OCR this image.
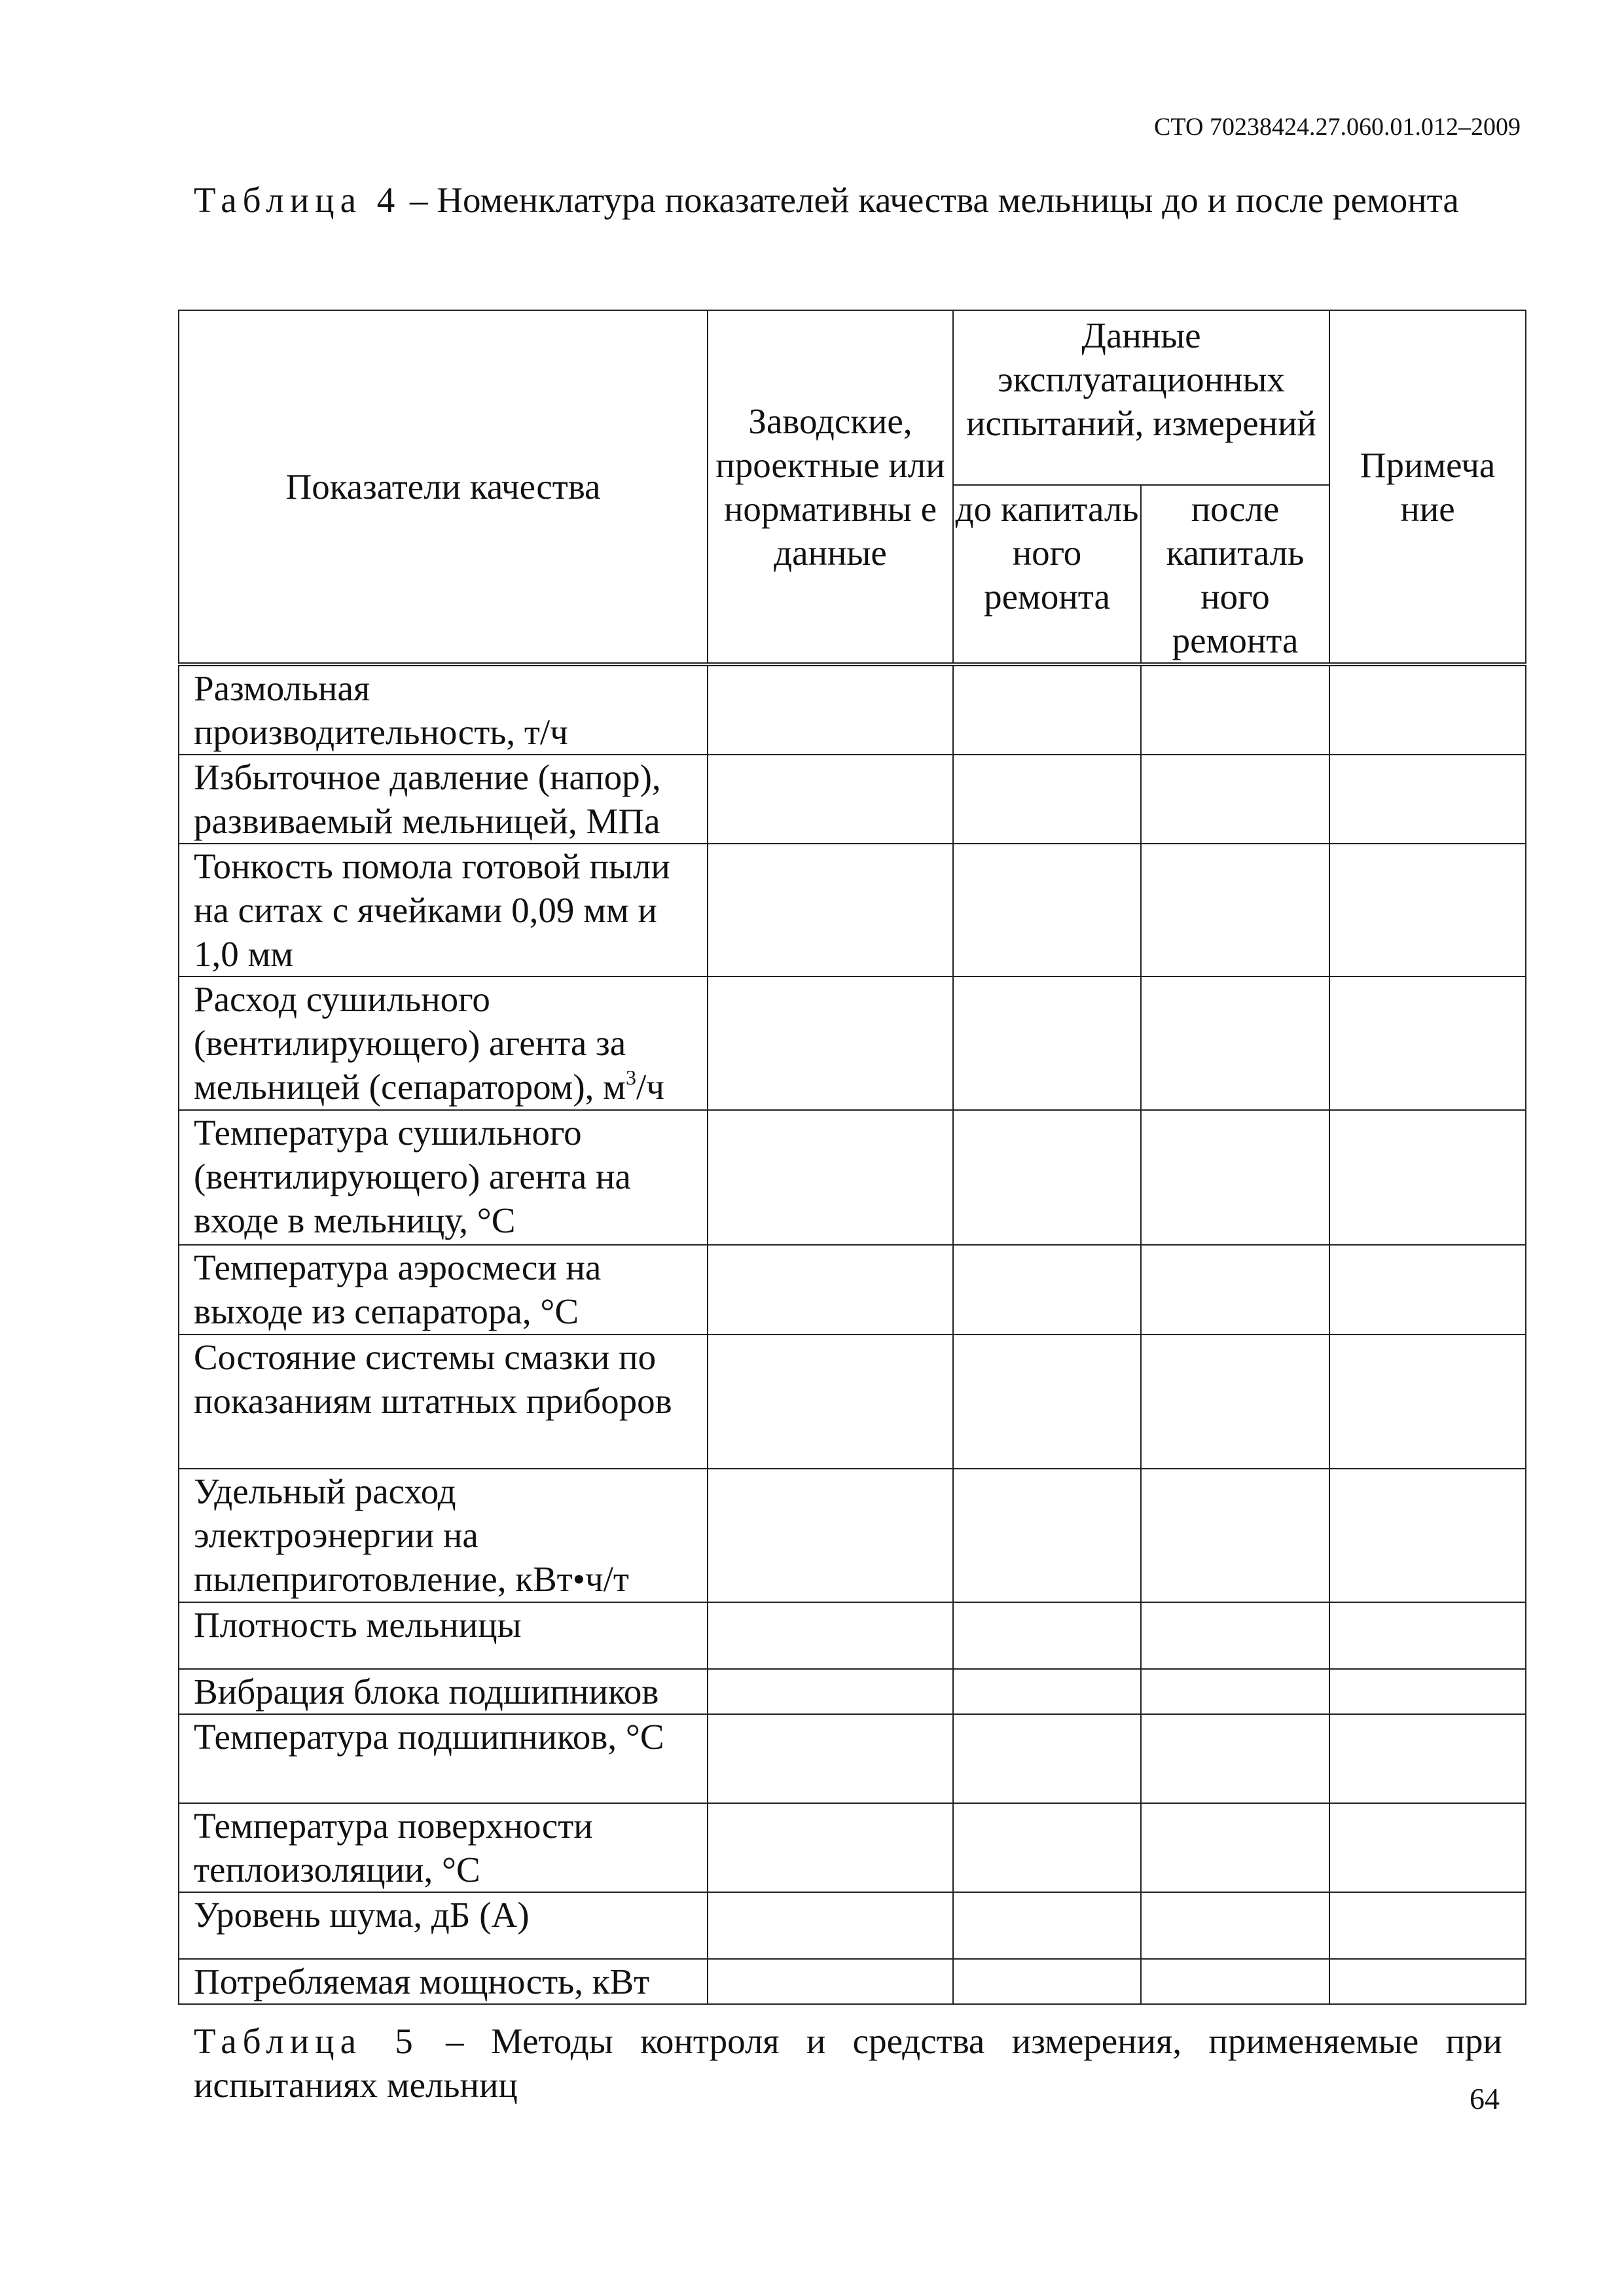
СТО 70238424.27.060.01.012–2009
Таблица 4 – Номенклатура показателей качества мельницы до и после ремонта
Показатели качества	Заводские, проектные или нормативны е данные	Данные эксплуатационных испытаний, измерений		Примеча ние
		до капиталь ного ремонта	после капиталь ного ремонта	
Размольная производительность, т/ч				
Избыточное давление (напор), развиваемый мельницей, МПа				
Тонкость помола готовой пыли на ситах с ячейками 0,09 мм и 1,0 мм				
Расход сушильного (вентилирующего) агента за мельницей (сепаратором), $м^3/ч$				
Температура сушильного (вентилирующего) агента на входе в мельницу, °С				
Температура аэросмеси на выходе из сепаратора, °С				
Состояние системы смазки по показаниям штатных приборов				
Удельный расход электроэнергии на пылеприготовление, кВт•ч/т				
Плотность мельницы				
Вибрация блока подшипников				
Температура подшипников, °С				
Температура поверхности теплоизоляции, °С				
Уровень шума, дБ (А)				
Потребляемая мощность, кВт				
Таблица 5 – Методы контроля и средства измерения, применяемые при испытаниях мельниц	64
